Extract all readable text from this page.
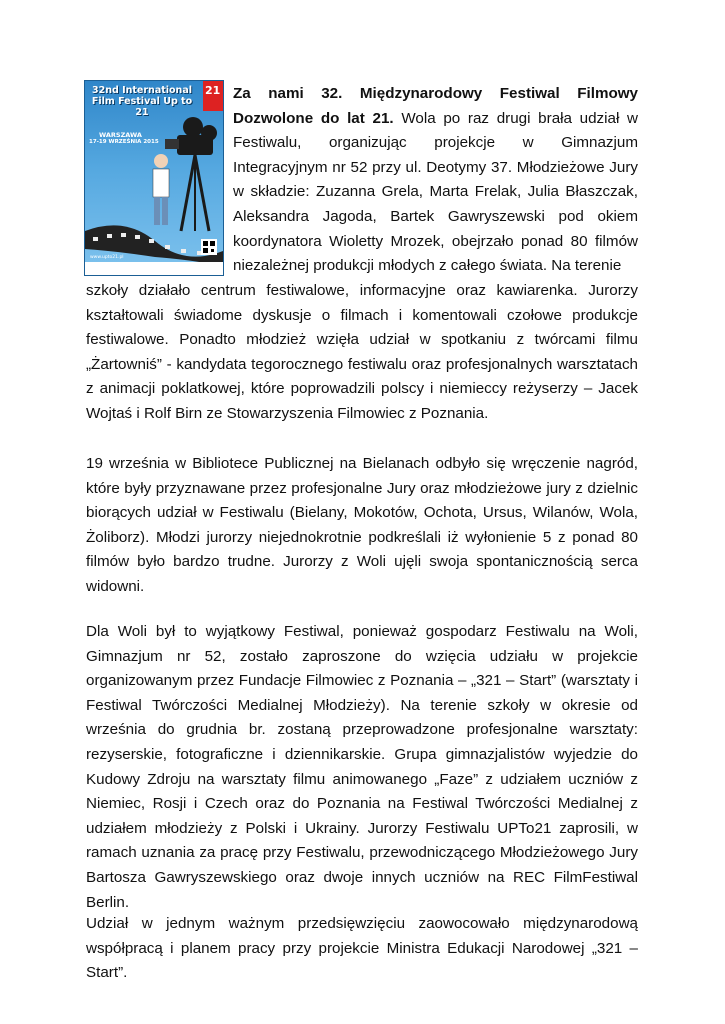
21
32nd International Film Festival Up to 21
WARSZAWA
17-19 WRZEŚNIA 2015
www.upto21.pl

Za nami 32. Międzynarodowy Festiwal Filmowy Dozwolone do lat 21. Wola po raz drugi brała udział w Festiwalu, organizując projekcje w Gimnazjum Integracyjnym nr 52 przy ul. Deotymy 37. Młodzieżowe Jury w składzie: Zuzanna Grela, Marta Frelak, Julia Błaszczak, Aleksandra Jagoda, Bartek Gawryszewski pod okiem koordynatora Wioletty Mrozek, obejrzało ponad 80 filmów niezależnej produkcji młodych z całego świata. Na terenie

szkoły działało centrum festiwalowe, informacyjne oraz kawiarenka. Jurorzy kształtowali świadome dyskusje o filmach i komentowali czołowe produkcje festiwalowe. Ponadto młodzież wzięła udział w spotkaniu z twórcami filmu „Żartowniś” - kandydata tegorocznego festiwalu oraz profesjonalnych warsztatach z animacji poklatkowej, które poprowadzili polscy i niemieccy reżyserzy – Jacek Wojtaś i Rolf Birn ze Stowarzyszenia Filmowiec z Poznania.

19 września w Bibliotece Publicznej na Bielanach odbyło się wręczenie nagród, które były przyznawane przez profesjonalne Jury oraz młodzieżowe jury z dzielnic biorących udział w Festiwalu (Bielany, Mokotów, Ochota, Ursus, Wilanów, Wola, Żoliborz). Młodzi jurorzy niejednokrotnie podkreślali iż wyłonienie 5 z ponad 80 filmów było bardzo trudne. Jurorzy z Woli ujęli swoja spontanicznością serca widowni.

Dla Woli był to wyjątkowy Festiwal, ponieważ gospodarz Festiwalu na Woli, Gimnazjum nr 52, zostało zaproszone do wzięcia udziału w projekcie organizowanym przez Fundacje Filmowiec z Poznania – „321 – Start” (warsztaty i Festiwal Twórczości Medialnej Młodzieży). Na terenie szkoły w okresie od września do grudnia br. zostaną przeprowadzone profesjonalne warsztaty: rezyserskie, fotograficzne i dziennikarskie. Grupa gimnazjalistów wyjedzie do Kudowy Zdroju na warsztaty filmu animowanego „Faze” z udziałem uczniów z Niemiec, Rosji i Czech oraz do Poznania na Festiwal Twórczości Medialnej z udziałem młodzieży z Polski i Ukrainy. Jurorzy Festiwalu UPTo21 zaprosili, w ramach uznania za pracę przy Festiwalu, przewodniczącego Młodzieżowego Jury Bartosza Gawryszewskiego oraz dwoje innych uczniów na REC FilmFestiwal Berlin.

Udział w jednym ważnym przedsięwzięciu zaowocowało międzynarodową współpracą i planem pracy przy projekcie Ministra Edukacji Narodowej „321 – Start”.
